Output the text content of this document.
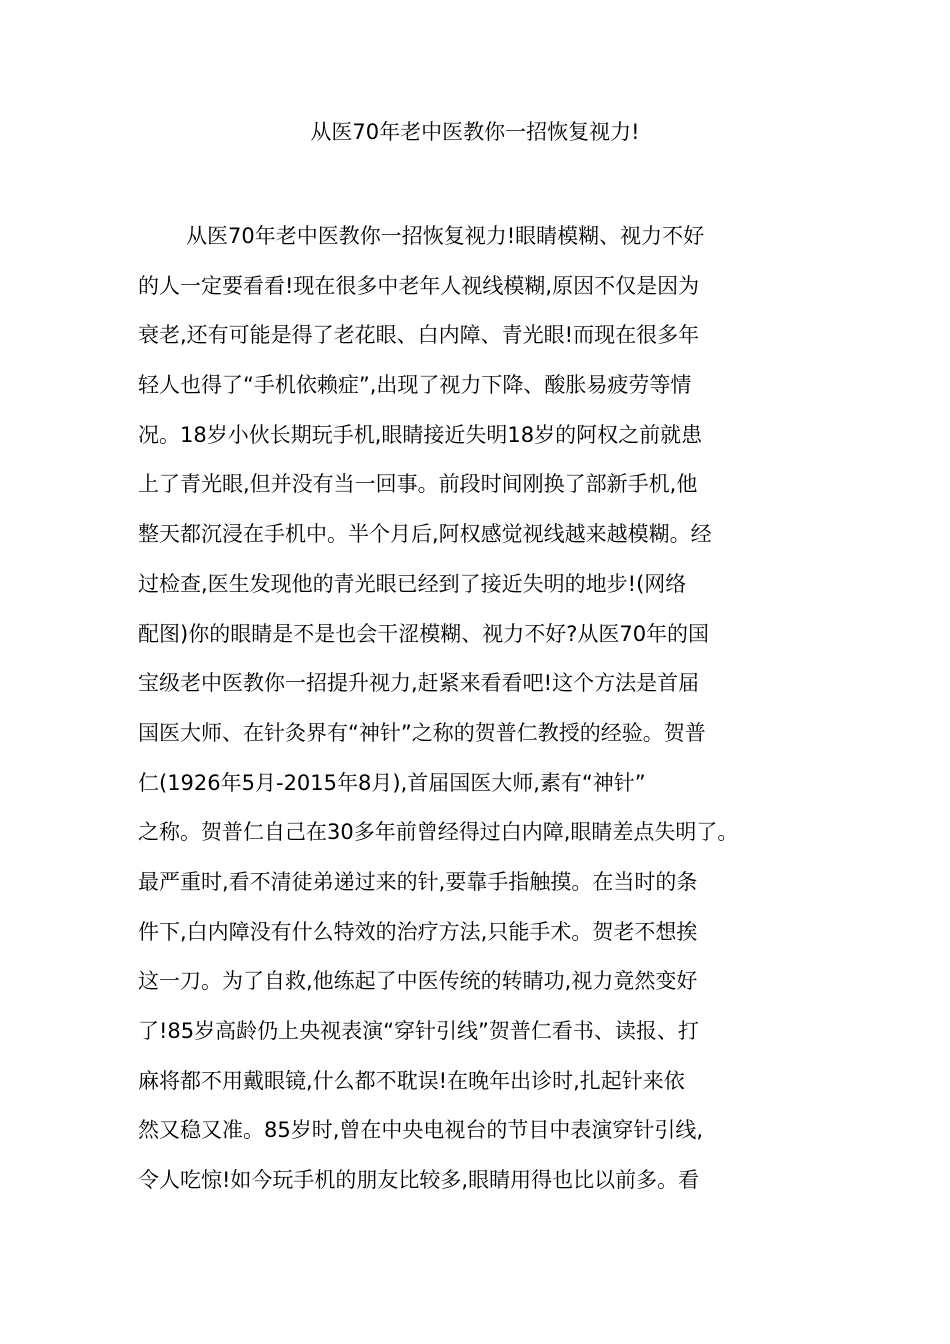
从医70年老中医教你一招恢复视力!
从医70年老中医教你一招恢复视力!眼睛模糊、视力不好
的人一定要看看!现在很多中老年人视线模糊,原因不仅是因为
衰老,还有可能是得了老花眼、白内障、青光眼!而现在很多年
轻人也得了“手机依赖症”,出现了视力下降、酸胀易疲劳等情
况。18岁小伙长期玩手机,眼睛接近失明18岁的阿权之前就患
上了青光眼,但并没有当一回事。前段时间刚换了部新手机,他
整天都沉浸在手机中。半个月后,阿权感觉视线越来越模糊。经
过检查,医生发现他的青光眼已经到了接近失明的地步!(网络
配图)你的眼睛是不是也会干涩模糊、视力不好?从医70年的国
宝级老中医教你一招提升视力,赶紧来看看吧!这个方法是首届
国医大师、在针灸界有“神针”之称的贺普仁教授的经验。贺普
仁(1926年5月-2015年8月),首届国医大师,素有“神针”
之称。贺普仁自己在30多年前曾经得过白内障,眼睛差点失明了。
最严重时,看不清徒弟递过来的针,要靠手指触摸。在当时的条
件下,白内障没有什么特效的治疗方法,只能手术。贺老不想挨
这一刀。为了自救,他练起了中医传统的转睛功,视力竟然变好
了!85岁高龄仍上央视表演“穿针引线”贺普仁看书、读报、打
麻将都不用戴眼镜,什么都不耽误!在晚年出诊时,扎起针来依
然又稳又准。85岁时,曾在中央电视台的节目中表演穿针引线,
令人吃惊!如今玩手机的朋友比较多,眼睛用得也比以前多。看
